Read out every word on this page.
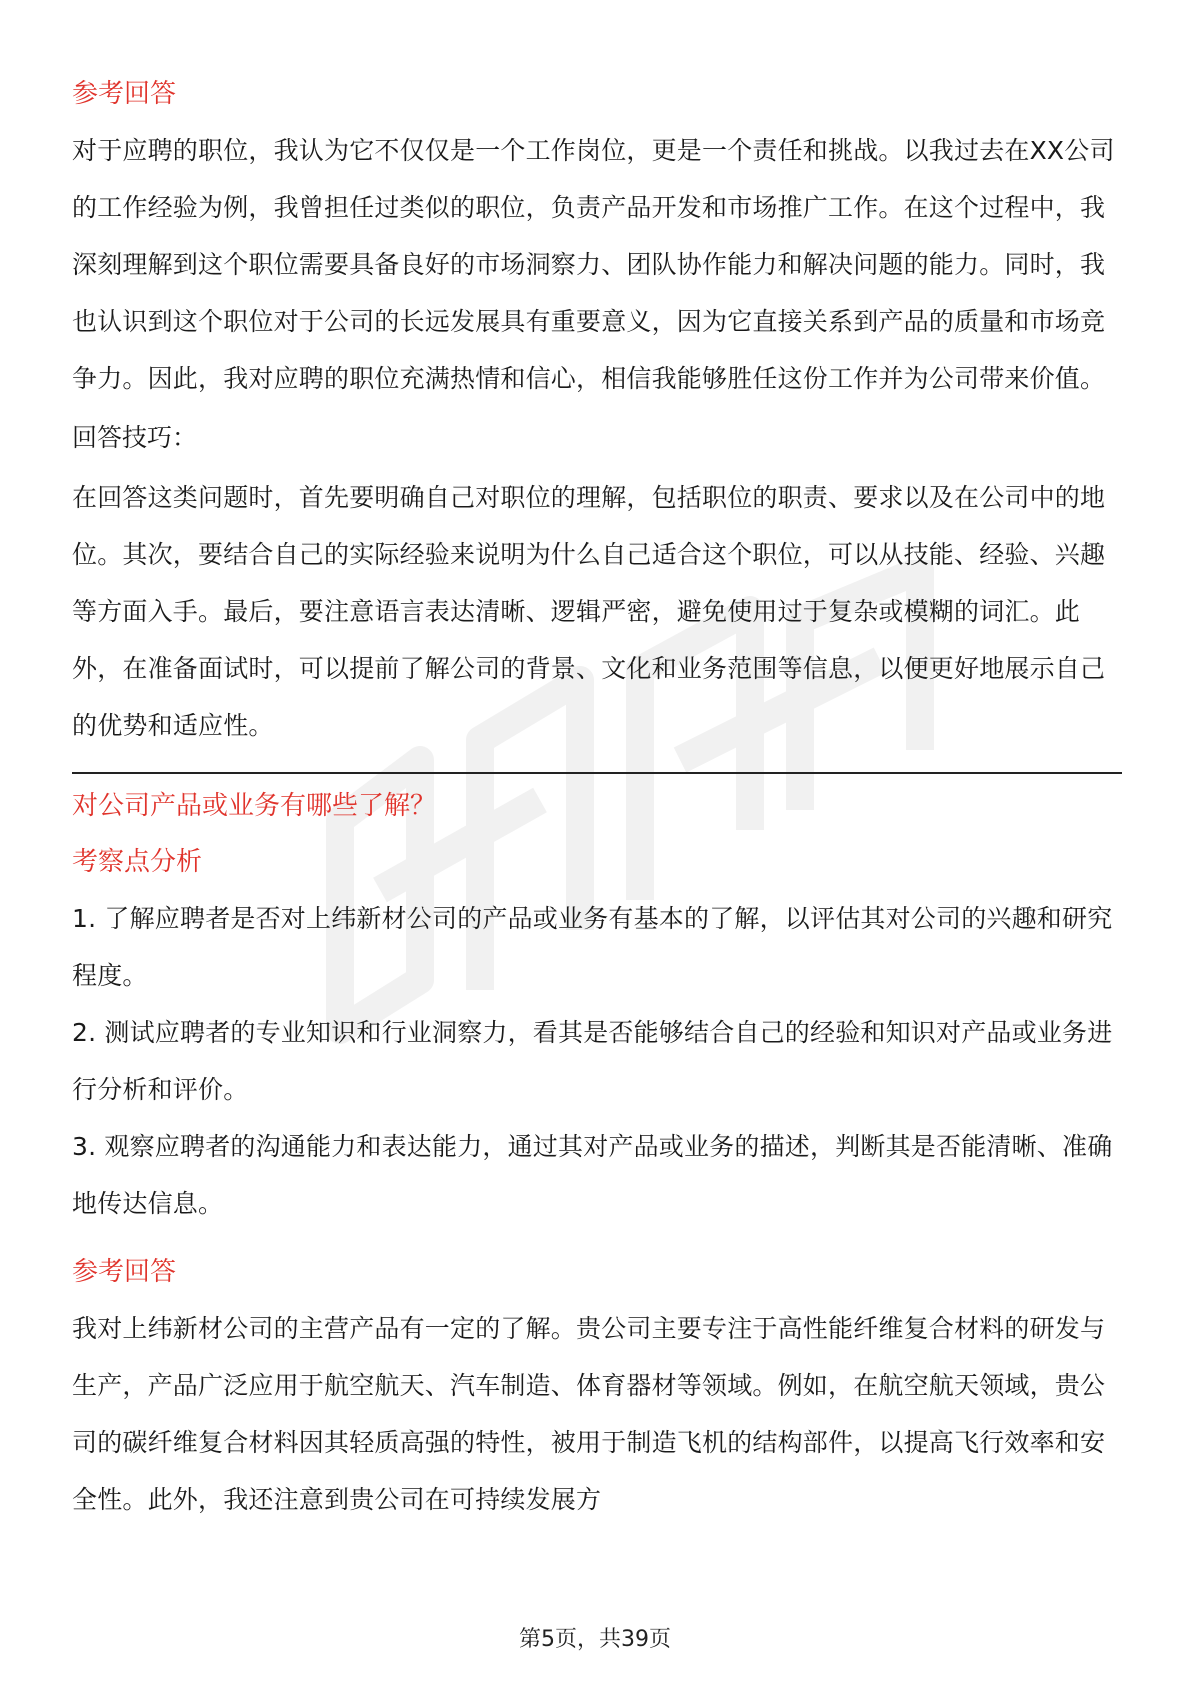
参考回答

对于应聘的职位，我认为它不仅仅是一个工作岗位，更是一个责任和挑战。以我过去在XX公司的工作经验为例，我曾担任过类似的职位，负责产品开发和市场推广工作。在这个过程中，我深刻理解到这个职位需要具备良好的市场洞察力、团队协作能力和解决问题的能力。同时，我也认识到这个职位对于公司的长远发展具有重要意义，因为它直接关系到产品的质量和市场竞争力。因此，我对应聘的职位充满热情和信心，相信我能够胜任这份工作并为公司带来价值。

回答技巧：

在回答这类问题时，首先要明确自己对职位的理解，包括职位的职责、要求以及在公司中的地位。其次，要结合自己的实际经验来说明为什么自己适合这个职位，可以从技能、经验、兴趣等方面入手。最后，要注意语言表达清晰、逻辑严密，避免使用过于复杂或模糊的词汇。此外，在准备面试时，可以提前了解公司的背景、文化和业务范围等信息，以便更好地展示自己的优势和适应性。

对公司产品或业务有哪些了解？
考察点分析

1. 了解应聘者是否对上纬新材公司的产品或业务有基本的了解，以评估其对公司的兴趣和研究程度。

2. 测试应聘者的专业知识和行业洞察力，看其是否能够结合自己的经验和知识对产品或业务进行分析和评价。

3. 观察应聘者的沟通能力和表达能力，通过其对产品或业务的描述，判断其是否能清晰、准确地传达信息。

参考回答

我对上纬新材公司的主营产品有一定的了解。贵公司主要专注于高性能纤维复合材料的研发与生产，产品广泛应用于航空航天、汽车制造、体育器材等领域。例如，在航空航天领域，贵公司的碳纤维复合材料因其轻质高强的特性，被用于制造飞机的结构部件，以提高飞行效率和安全性。此外，我还注意到贵公司在可持续发展方

第5页，共39页
